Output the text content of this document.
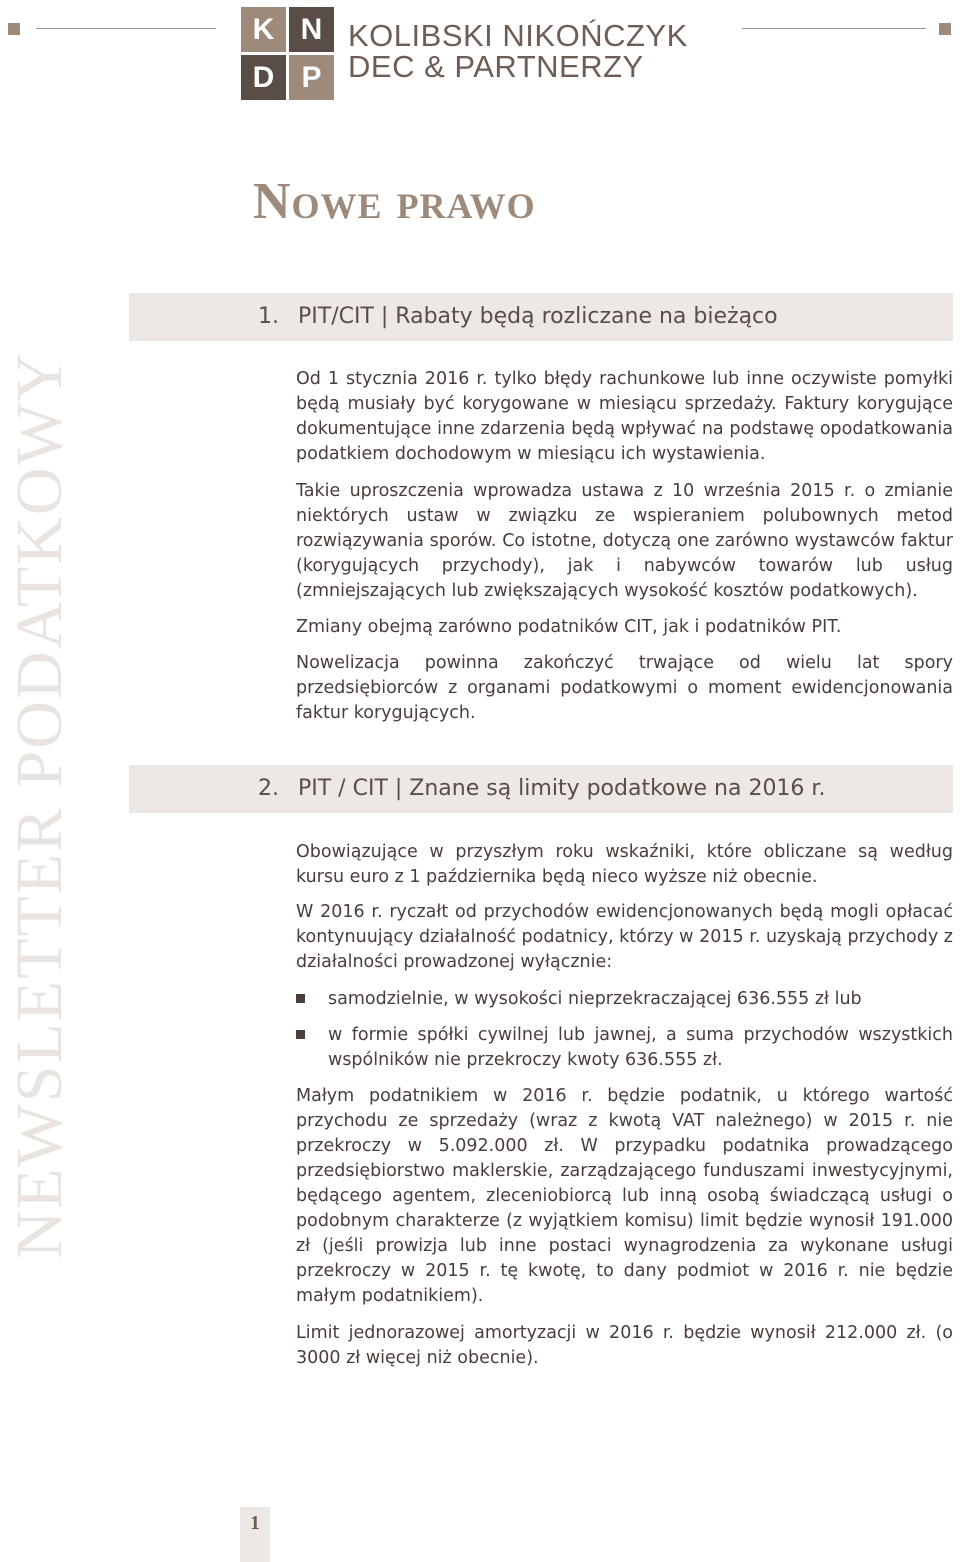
K N
D P
KOLIBSKI NIKOŃCZYK
DEC & PARTNERZY
Nowe prawo
NEWSLETTER PODATKOWY
1. PIT/CIT | Rabaty będą rozliczane na bieżąco

Od 1 stycznia 2016 r. tylko błędy rachunkowe lub inne oczywiste pomyłki będą musiały być korygowane w miesiącu sprzedaży. Faktury korygujące dokumentujące inne zdarzenia będą wpływać na podstawę opodatkowania podatkiem dochodowym w miesiącu ich wystawienia.

Takie uproszczenia wprowadza ustawa z 10 września 2015 r. o zmianie niektórych ustaw w związku ze wspieraniem polubownych metod rozwiązywania sporów. Co istotne, dotyczą one zarówno wystawców faktur (korygujących przychody), jak i nabywców towarów lub usług (zmniejszających lub zwiększających wysokość kosztów podatkowych).

Zmiany obejmą zarówno podatników CIT, jak i podatników PIT.

Nowelizacja powinna zakończyć trwające od wielu lat spory przedsiębiorców z organami podatkowymi o moment ewidencjonowania faktur korygujących.

2. PIT / CIT | Znane są limity podatkowe na 2016 r.

Obowiązujące w przyszłym roku wskaźniki, które obliczane są według kursu euro z 1 października będą nieco wyższe niż obecnie.

W 2016 r. ryczałt od przychodów ewidencjonowanych będą mogli opłacać kontynuujący działalność podatnicy, którzy w 2015 r. uzyskają przychody z działalności prowadzonej wyłącznie:

samodzielnie, w wysokości nieprzekraczającej 636.555 zł lub

w formie spółki cywilnej lub jawnej, a suma przychodów wszystkich wspólników nie przekroczy kwoty 636.555 zł.

Małym podatnikiem w 2016 r. będzie podatnik, u którego wartość przychodu ze sprzedaży (wraz z kwotą VAT należnego) w 2015 r. nie przekroczy w 5.092.000 zł. W przypadku podatnika prowadzącego przedsiębiorstwo maklerskie, zarządzającego funduszami inwestycyjnymi, będącego agentem, zleceniobiorcą lub inną osobą świadczącą usługi o podobnym charakterze (z wyjątkiem komisu) limit będzie wynosił 191.000 zł (jeśli prowizja lub inne postaci wynagrodzenia za wykonane usługi przekroczy w 2015 r. tę kwotę, to dany podmiot w 2016 r. nie będzie małym podatnikiem).

Limit jednorazowej amortyzacji w 2016 r. będzie wynosił 212.000 zł. (o 3000 zł więcej niż obecnie).

1
